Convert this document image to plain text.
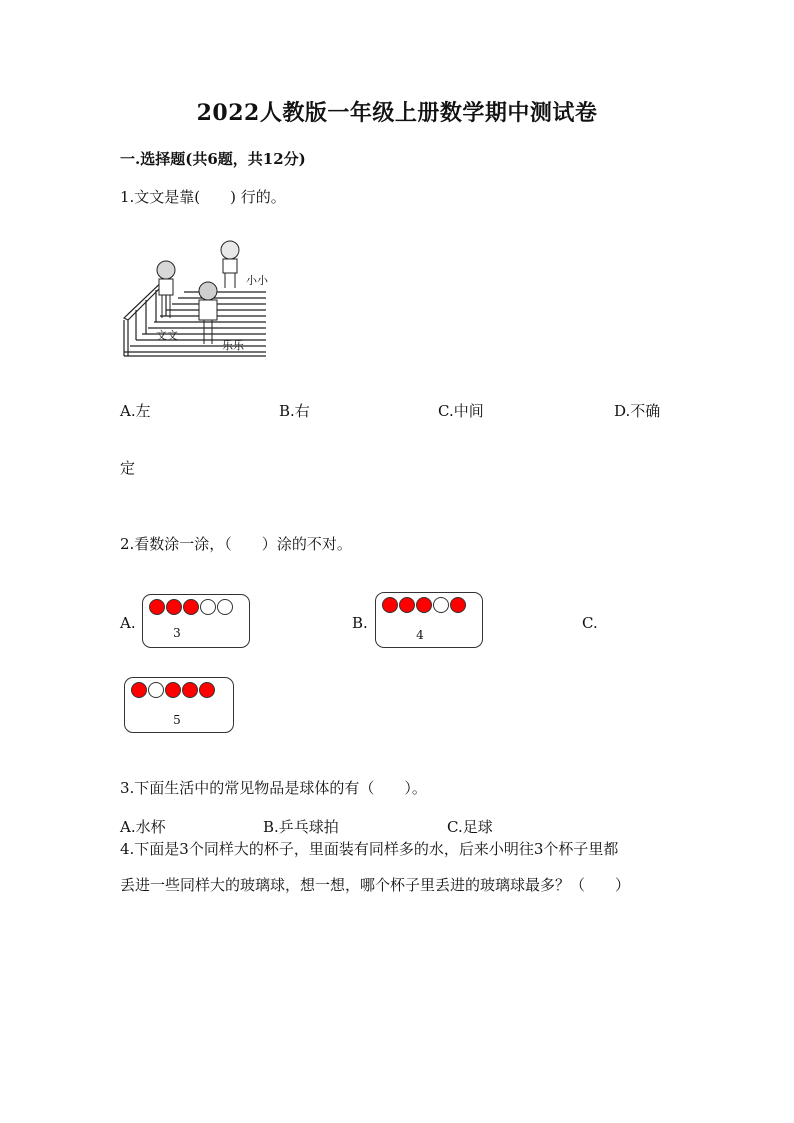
2022人教版一年级上册数学期中测试卷
一.选择题(共6题，共12分)
1.文文是靠(　　) 行的。
小小
文文
乐乐
A.左	B.右	C.中间	D.不确
定
2.看数涂一涂，（　　）涂的不对。
A.
3
B.
4
C.
5
3.下面生活中的常见物品是球体的有（　　）。
A.水杯	B.乒乓球拍	C.足球
4.下面是3个同样大的杯子，里面装有同样多的水，后来小明往3个杯子里都
丢进一些同样大的玻璃球，想一想，哪个杯子里丢进的玻璃球最多？（　　）
